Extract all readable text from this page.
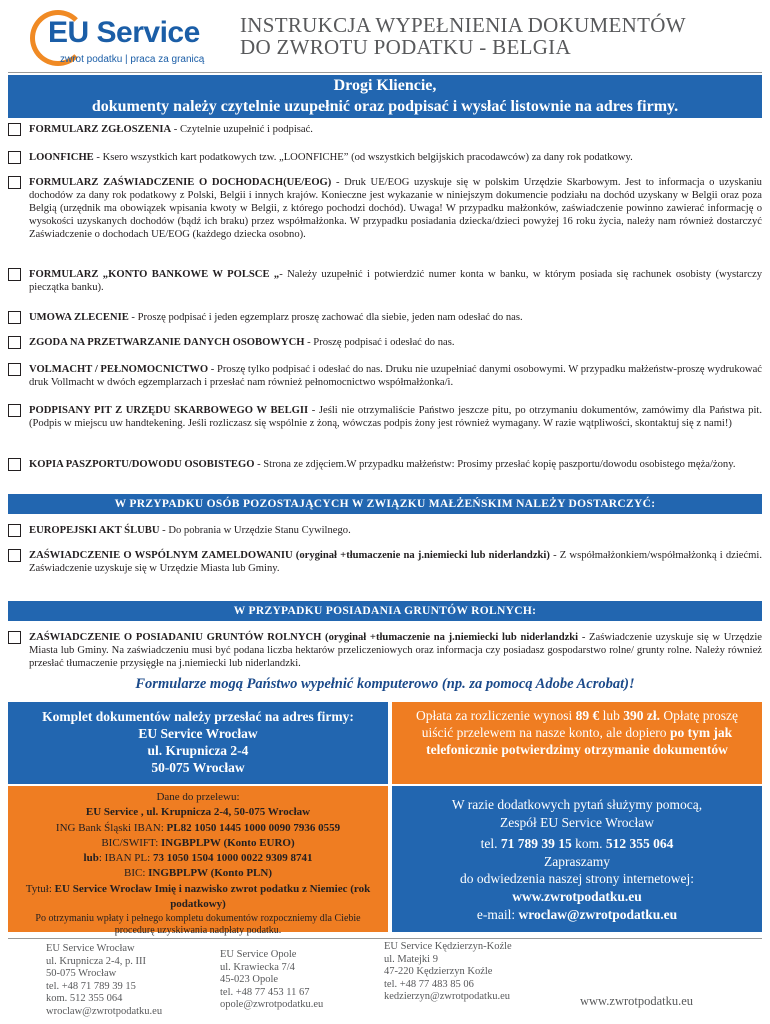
EU Service
zwrot podatku | praca za granicą
INSTRUKCJA WYPEŁNIENIA DOKUMENTÓW
DO ZWROTU PODATKU - BELGIA
Drogi Kliencie,
dokumenty należy czytelnie uzupełnić oraz podpisać i wysłać listownie na adres firmy.
FORMULARZ ZGŁOSZENIA - Czytelnie uzupełnić i podpisać.
LOONFICHE - Ksero wszystkich kart podatkowych tzw. „LOONFICHE” (od wszystkich belgijskich pracodawców) za dany rok podatkowy.
FORMULARZ ZAŚWIADCZENIE O DOCHODACH(UE/EOG) - Druk UE/EOG uzyskuje się w polskim Urzędzie Skarbowym. Jest to informacja o uzyskaniu dochodów za dany rok podatkowy z Polski, Belgii i innych krajów. Konieczne jest wykazanie w niniejszym dokumencie podziału na dochód uzyskany w Belgii oraz poza Belgią (urzędnik ma obowiązek wpisania kwoty w Belgii, z którego pochodzi dochód). Uwaga! W przypadku małżonków, zaświadczenie powinno zawierać informację o wysokości uzyskanych dochodów (bądź ich braku) przez współmałżonka. W przypadku posiadania dziecka/dzieci powyżej 16 roku życia, należy nam również dostarczyć Zaświadczenie o dochodach UE/EOG (każdego dziecka osobno).
FORMULARZ „KONTO BANKOWE W POLSCE „- Należy uzupełnić i potwierdzić numer konta w banku, w którym posiada się rachunek osobisty (wystarczy pieczątka banku).
UMOWA ZLECENIE - Proszę podpisać i jeden egzemplarz proszę zachować dla siebie, jeden nam odesłać do nas.
ZGODA NA PRZETWARZANIE DANYCH OSOBOWYCH - Proszę podpisać i odesłać do nas.
VOLMACHT / PEŁNOMOCNICTWO - Proszę tylko podpisać i odesłać do nas. Druku nie uzupełniać danymi osobowymi. W przypadku małżeństw-proszę wydrukować druk Vollmacht w dwóch egzemplarzach i przesłać nam również pełnomocnictwo współmałżonka/i.
PODPISANY PIT Z URZĘDU SKARBOWEGO W BELGII - Jeśli nie otrzymaliście Państwo jeszcze pitu, po otrzymaniu dokumentów, zamówimy dla Państwa pit. (Podpis w miejscu uw handtekening. Jeśli rozliczasz się wspólnie z żoną, wówczas podpis żony jest również wymagany. W razie wątpliwości, skontaktuj się z nami!)
KOPIA PASZPORTU/DOWODU OSOBISTEGO - Strona ze zdjęciem.W przypadku małżeństw: Prosimy przesłać kopię paszportu/dowodu osobistego męża/żony.
W PRZYPADKU OSÓB POZOSTAJĄCYCH W ZWIĄZKU MAŁŻEŃSKIM NALEŻY DOSTARCZYĆ:
EUROPEJSKI AKT ŚLUBU - Do pobrania w Urzędzie Stanu Cywilnego.
ZAŚWIADCZENIE O WSPÓLNYM ZAMELDOWANIU (oryginał +tłumaczenie na j.niemiecki lub niderlandzki) - Z współmałżonkiem/współmałżonką i dziećmi. Zaświadczenie uzyskuje się w Urzędzie Miasta lub Gminy.
W PRZYPADKU POSIADANIA GRUNTÓW ROLNYCH:
ZAŚWIADCZENIE O POSIADANIU GRUNTÓW ROLNYCH (oryginał +tłumaczenie na j.niemiecki lub niderlandzki - Zaświadczenie uzyskuje się w Urzędzie Miasta lub Gminy. Na zaświadczeniu musi być podana liczba hektarów przeliczeniowych oraz informacja czy posiadasz gospodarstwo rolne/ grunty rolne. Należy również przesłać tłumaczenie przysięgłe na j.niemiecki lub niderlandzki.
Formularze mogą Państwo wypełnić komputerowo (np. za pomocą Adobe Acrobat)!
Komplet dokumentów należy przesłać na adres firmy:
EU Service Wrocław
ul. Krupnicza 2-4
50-075 Wrocław
Opłata za rozliczenie wynosi 89 € lub 390 zł. Opłatę proszę uiścić przelewem na nasze konto, ale dopiero po tym jak telefonicznie potwierdzimy otrzymanie dokumentów
Dane do przelewu:
EU Service , ul. Krupnicza 2-4, 50-075 Wrocław
ING Bank Śląski IBAN: PL82 1050 1445 1000 0090 7936 0559
BIC/SWIFT: INGBPLPW (Konto EURO)
lub: IBAN PL: 73 1050 1504 1000 0022 9309 8741
BIC: INGBPLPW (Konto PLN)
Tytuł: EU Service Wrocław Imię i nazwisko zwrot podatku z Niemiec (rok podatkowy)
Po otrzymaniu wpłaty i pełnego kompletu dokumentów rozpoczniemy dla Ciebie procedurę uzyskiwania nadpłaty podatku.
W razie dodatkowych pytań służymy pomocą,
Zespół EU Service Wrocław
tel. 71 789 39 15 kom. 512 355 064
Zapraszamy
do odwiedzenia naszej strony internetowej:
www.zwrotpodatku.eu
e-mail: wroclaw@zwrotpodatku.eu
EU Service Wrocław
ul. Krupnicza 2-4, p. III
50-075 Wrocław
tel. +48 71 789 39 15
kom. 512 355 064
wroclaw@zwrotpodatku.eu
EU Service Opole
ul. Krawiecka 7/4
45-023 Opole
tel. +48 77 453 11 67
opole@zwrotpodatku.eu
EU Service Kędzierzyn-Koźle
ul. Matejki 9
47-220 Kędzierzyn Koźle
tel. +48 77 483 85 06
kedzierzyn@zwrotpodatku.eu	www.zwrotpodatku.eu
